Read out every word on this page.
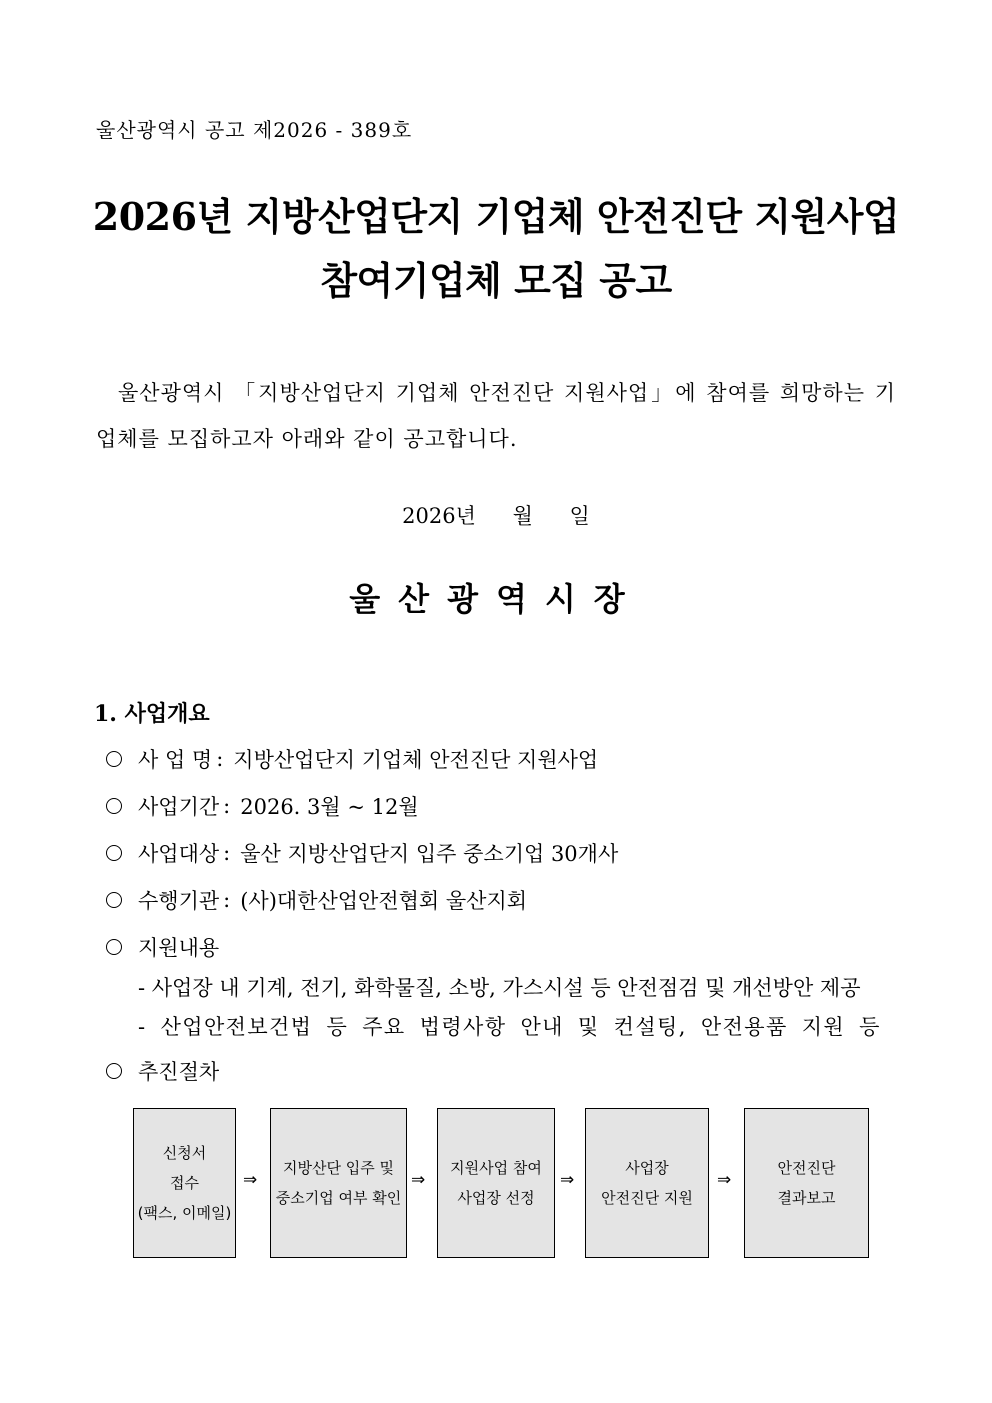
울산광역시 공고 제2026 - 389호
2026년 지방산업단지 기업체 안전진단 지원사업
참여기업체 모집 공고
울산광역시 「지방산업단지 기업체 안전진단 지원사업」에 참여를 희망하는 기업체를 모집하고자 아래와 같이 공고합니다.
2026년 월 일
울산광역시장
1. 사업개요
사 업 명 : 지방산업단지 기업체 안전진단 지원사업
사업기간 : 2026. 3월 ~ 12월
사업대상 : 울산 지방산업단지 입주 중소기업 30개사
수행기관 : (사)대한산업안전협회 울산지회
지원내용
- 사업장 내 기계, 전기, 화학물질, 소방, 가스시설 등 안전점검 및 개선방안 제공
- 산업안전보건법 등 주요 법령사항 안내 및 컨설팅, 안전용품 지원 등
추진절차
신청서
접수
(팩스, 이메일)
⇒
지방산단 입주 및
중소기업 여부 확인
⇒
지원사업 참여
사업장 선정
⇒
사업장
안전진단 지원
⇒
안전진단
결과보고
